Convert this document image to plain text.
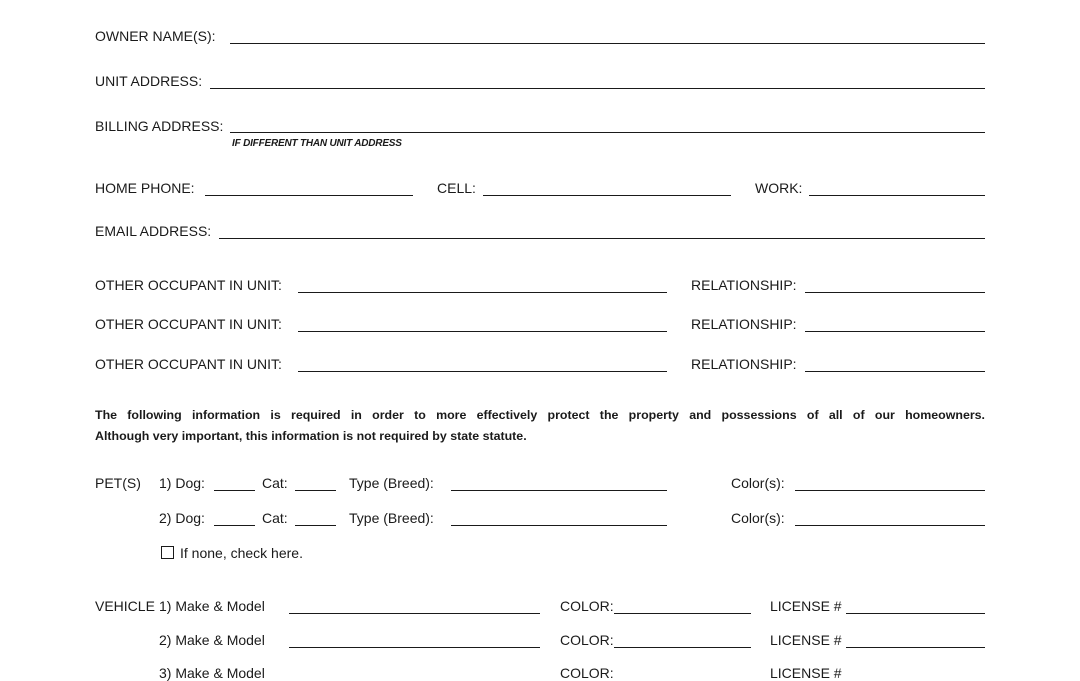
OWNER NAME(S):
UNIT ADDRESS:
BILLING ADDRESS:
IF DIFFERENT THAN UNIT ADDRESS
HOME PHONE:	CELL:	WORK:
EMAIL ADDRESS:
OTHER OCCUPANT IN UNIT:	RELATIONSHIP:
OTHER OCCUPANT IN UNIT:	RELATIONSHIP:
OTHER OCCUPANT IN UNIT:	RELATIONSHIP:
The following information is required in order to more effectively protect the property and possessions of all of our homeowners.
Although very important, this information is not required by state statute.
PET(S) 1) Dog:	Cat:	Type (Breed):	Color(s):
2) Dog:	Cat:	Type (Breed):	Color(s):
If none, check here.
VEHICLE 1) Make & Model	COLOR:	LICENSE #
2) Make & Model	COLOR:	LICENSE #
3) Make & Model	COLOR:	LICENSE #
